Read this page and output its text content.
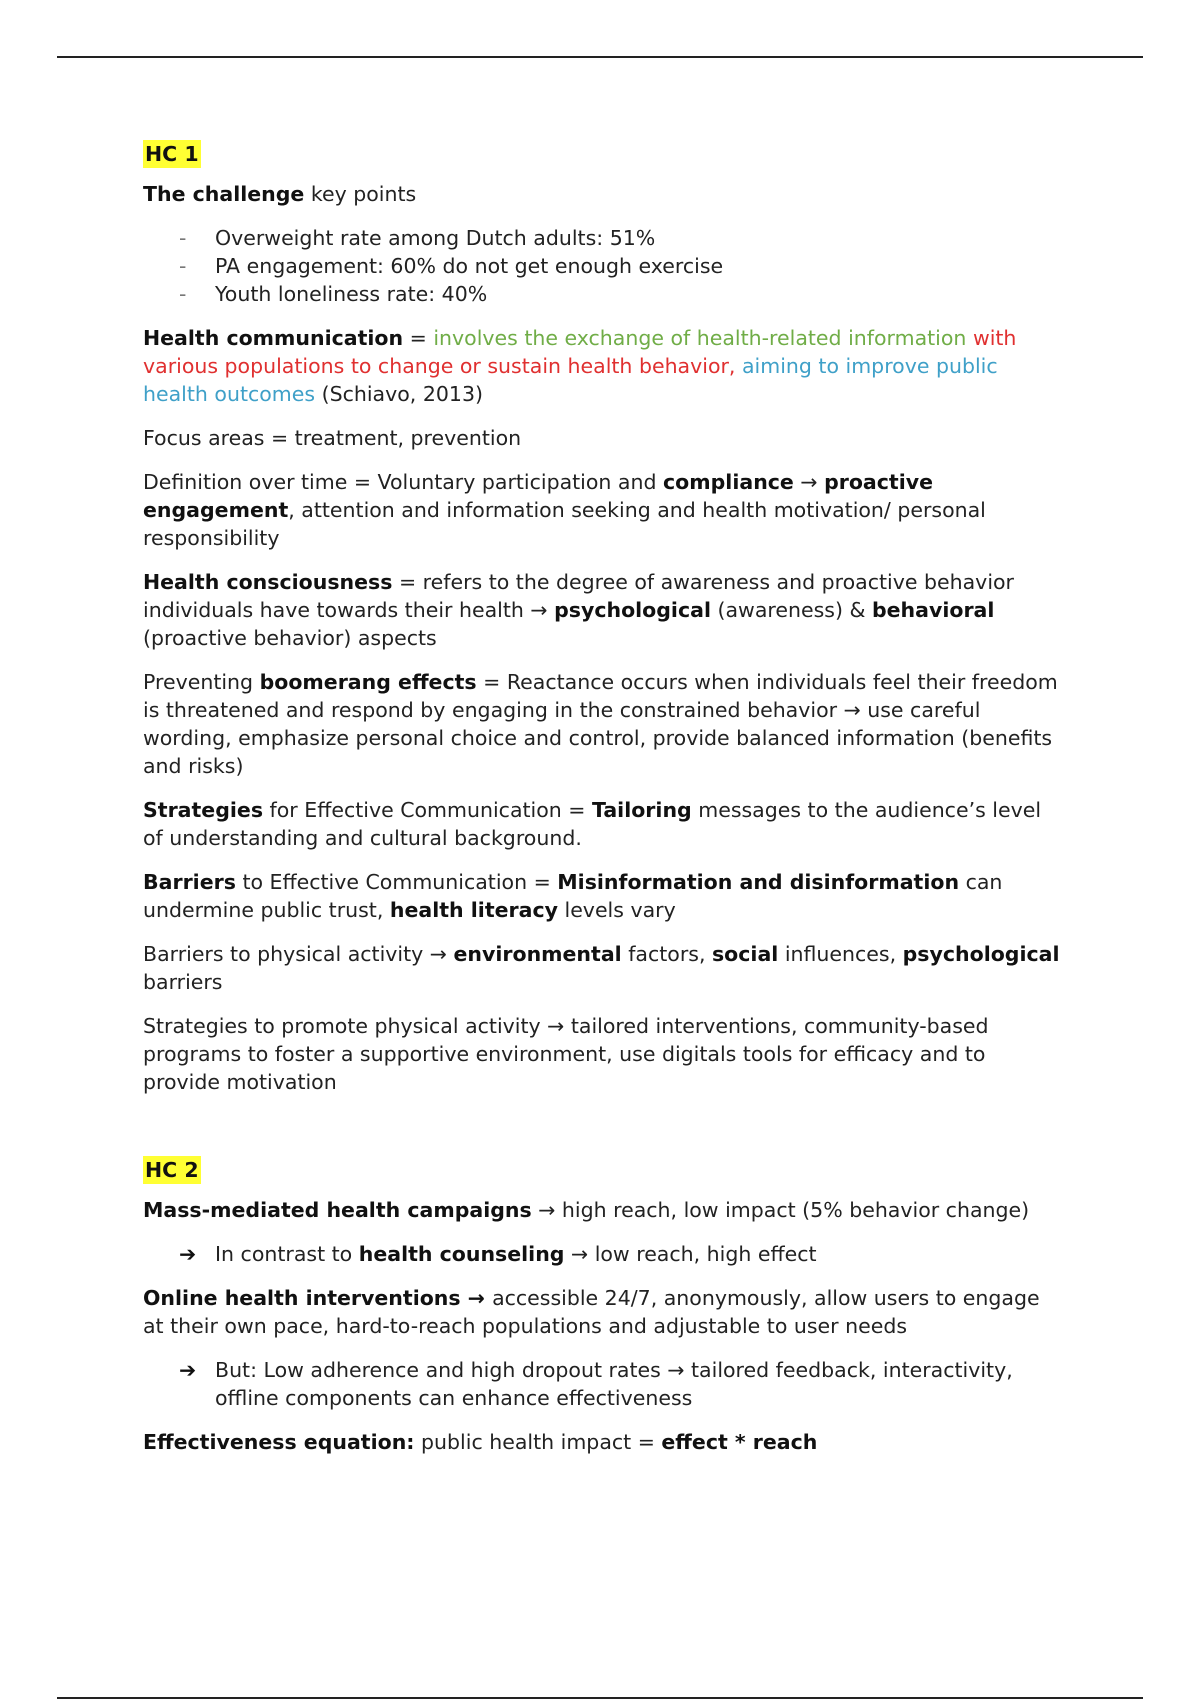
HC 1

The challenge key points

- Overweight rate among Dutch adults: 51%
- PA engagement: 60% do not get enough exercise
- Youth loneliness rate: 40%

Health communication = involves the exchange of health-related information with various populations to change or sustain health behavior, aiming to improve public health outcomes (Schiavo, 2013)

Focus areas = treatment, prevention

Definition over time = Voluntary participation and compliance → proactive engagement, attention and information seeking and health motivation/ personal responsibility

Health consciousness = refers to the degree of awareness and proactive behavior individuals have towards their health → psychological (awareness) & behavioral (proactive behavior) aspects

Preventing boomerang effects = Reactance occurs when individuals feel their freedom is threatened and respond by engaging in the constrained behavior → use careful wording, emphasize personal choice and control, provide balanced information (benefits and risks)

Strategies for Effective Communication = Tailoring messages to the audience’s level of understanding and cultural background.

Barriers to Effective Communication = Misinformation and disinformation can undermine public trust, health literacy levels vary

Barriers to physical activity → environmental factors, social influences, psychological barriers

Strategies to promote physical activity → tailored interventions, community-based programs to foster a supportive environment, use digitals tools for efficacy and to provide motivation

HC 2

Mass-mediated health campaigns → high reach, low impact (5% behavior change)

➔ In contrast to health counseling → low reach, high effect

Online health interventions → accessible 24/7, anonymously, allow users to engage at their own pace, hard-to-reach populations and adjustable to user needs

➔ But: Low adherence and high dropout rates → tailored feedback, interactivity, offline components can enhance effectiveness

Effectiveness equation: public health impact = effect * reach
